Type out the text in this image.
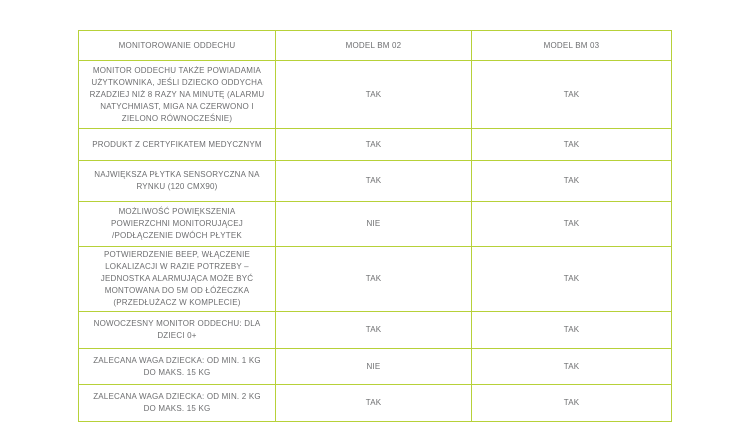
MONITOROWANIE ODDECHU	MODEL BM 02	MODEL BM 03
MONITOR ODDECHU TAKŻE POWIADAMIA UŻYTKOWNIKA, JEŚLI DZIECKO ODDYCHA RZADZIEJ NIŻ 8 RAZY NA MINUTĘ (ALARMU NATYCHMIAST, MIGA NA CZERWONO I ZIELONO RÓWNOCZEŚNIE)	TAK	TAK
PRODUKT Z CERTYFIKATEM MEDYCZNYM	TAK	TAK
NAJWIĘKSZA PŁYTKA SENSORYCZNA NA RYNKU (120 CMX90)	TAK	TAK
MOŻLIWOŚĆ POWIĘKSZENIA POWIERZCHNI MONITORUJĄCEJ /PODŁĄCZENIE DWÓCH PŁYTEK	NIE	TAK
POTWIERDZENIE BEEP, WŁĄCZENIE LOKALIZACJI W RAZIE POTRZEBY – JEDNOSTKA ALARMUJĄCA MOŻE BYĆ MONTOWANA DO 5M OD ŁÓŻECZKA (PRZEDŁUŻACZ W KOMPLECIE)	TAK	TAK
NOWOCZESNY MONITOR ODDECHU: DLA DZIECI 0+	TAK	TAK
ZALECANA WAGA DZIECKA: OD MIN. 1 KG DO MAKS. 15 KG	NIE	TAK
ZALECANA WAGA DZIECKA: OD MIN. 2 KG DO MAKS. 15 KG	TAK	TAK
